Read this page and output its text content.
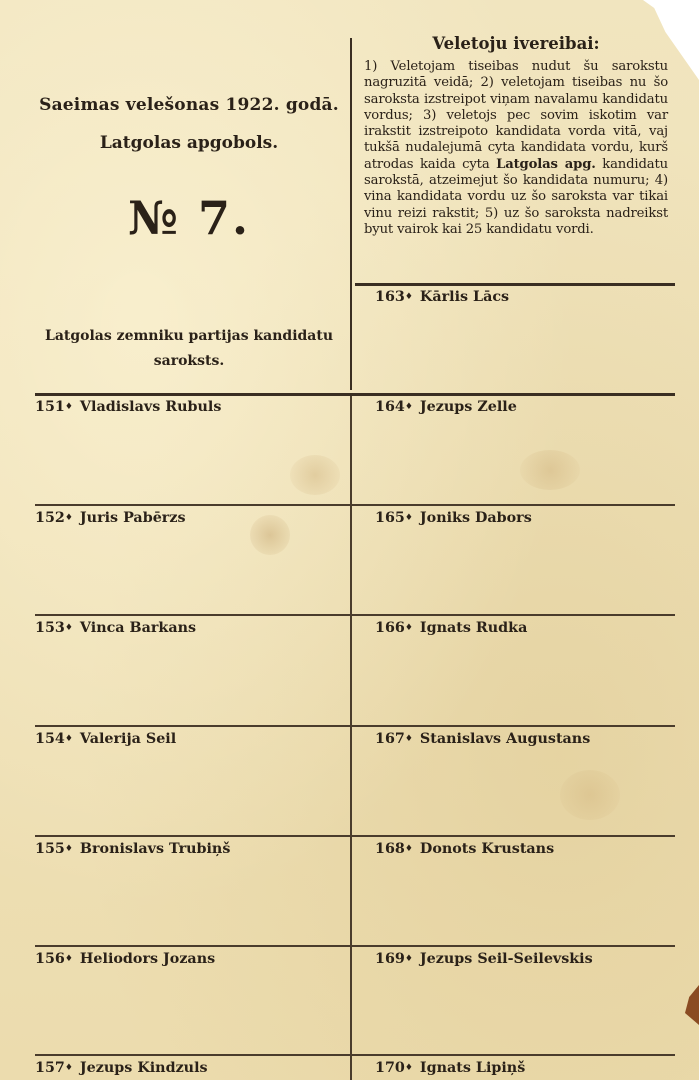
Saeimas velešonas 1922. godā.
Latgolas apgobols.
№ 7.
Latgolas zemniku partijas kandidatu
saroksts.
Veletoju ivereibai:
1) Veletojam tiseibas nudut šu sarokstu nagruzitā veidā; 2) veletojam tiseibas nu šo saroksta izstreipot viņam navalamu kandidatu vordus; 3) veletojs pec sovim iskotim var irakstit izstreipoto kandidata vorda vitā, vaj tukšā nudalejumā cyta kandidata vordu, kurš atrodas kaida cyta Latgolas apg. kandidatu sarokstā, atzeimejut šo kandidata numuru; 4) vina kandidata vordu uz šo saroksta var tikai vinu reizi rakstit; 5) uz šo saroksta nadreikst byut vairok kai 25 kandidatu vordi.
151♦ Vladislavs Rubuls
152♦ Juris Pabērzs
153♦ Vinca Barkans
154♦ Valerija Seil
155♦ Bronislavs Trubiņš
156♦ Heliodors Jozans
157♦ Jezups Kindzuls
163♦ Kārlis Lācs
164♦ Jezups Zelle
165♦ Joniks Dabors
166♦ Ignats Rudka
167♦ Stanislavs Augustans
168♦ Donots Krustans
169♦ Jezups Seil-Seilevskis
170♦ Ignats Lipiņš
